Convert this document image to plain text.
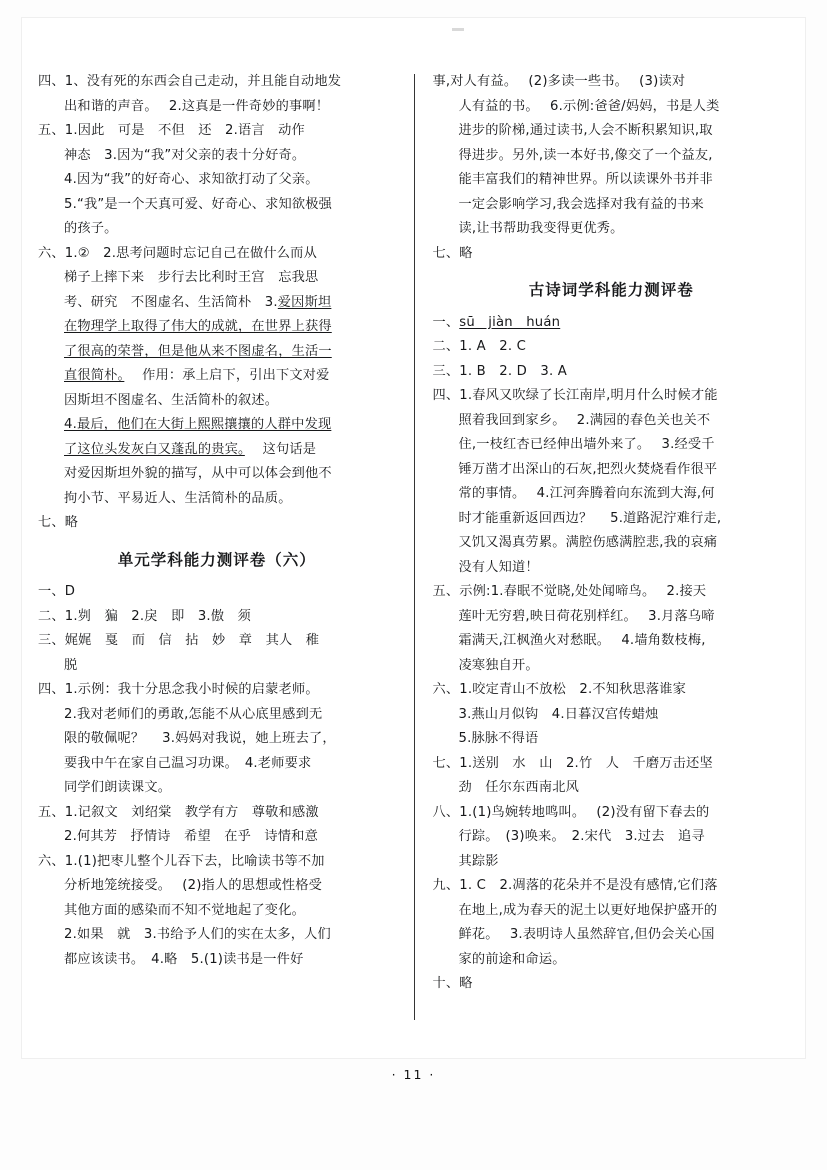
四、1、没有死的东西会自己走动，并且能自动地发
出和谐的声音。　 2.这真是一件奇妙的事啊！
五、1.因此　可是　不但　还　2.语言　动作
神态　3.因为“我”对父亲的表十分好奇。
4.因为“我”的好奇心、求知欲打动了父亲。
5.“我”是一个天真可爱、好奇心、求知欲极强
的孩子。
六、1.②　2.思考问题时忘记自己在做什么而从
梯子上摔下来　步行去比利时王宫　忘我思
考、研究　不图虚名、生活简朴　3.爱因斯坦
在物理学上取得了伟大的成就，在世界上获得
了很高的荣誉，但是他从来不图虚名，生活一
直很简朴。　 作用：承上启下，引出下文对爱
因斯坦不图虚名、生活简朴的叙述。
4.最后，他们在大街上熙熙攘攘的人群中发现
了这位头发灰白又蓬乱的贵宾。　 这句话是
对爱因斯坦外貌的描写，从中可以体会到他不
拘小节、平易近人、生活简朴的品质。
七、略
单元学科能力测评卷（六）
一、D
二、1.刿　猵　2.戾　即　3.傲　须
三、娓娓　戛　而　信　拈　妙　章　其人　稚
脱
四、1.示例：我十分思念我小时候的启蒙老师。
2.我对老师们的勇敢,怎能不从心底里感到无
限的敬佩呢？　 3.妈妈对我说，她上班去了，
要我中午在家自己温习功课。　4.老师要求
同学们朗读课文。
五、1.记叙文　刘绍棠　教学有方　尊敬和感激
2.何其芳　抒情诗　希望　在乎　诗情和意
六、1.(1)把枣儿整个儿吞下去，比喻读书等不加
分析地笼统接受。　 (2)指人的思想或性格受
其他方面的感染而不知不觉地起了变化。
2.如果　就　3.书给予人们的实在太多，人们
都应该读书。　4.略　5.(1)读书是一件好
事,对人有益。　 (2)多读一些书。　 (3)读对
人有益的书。　 6.示例:爸爸/妈妈，书是人类
进步的阶梯,通过读书,人会不断积累知识,取
得进步。另外,读一本好书,像交了一个益友,
能丰富我们的精神世界。所以读课外书并非
一定会影响学习,我会选择对我有益的书来
读,让书帮助我变得更优秀。
七、略
古诗词学科能力测评卷
一、sū　jiàn　huán
二、1. A　2. C
三、1. B　2. D　3. A
四、1.春风又吹绿了长江南岸,明月什么时候才能
照着我回到家乡。　 2.满园的春色关也关不
住,一枝红杏已经伸出墙外来了。　 3.经受千
锤万凿才出深山的石灰,把烈火焚烧看作很平
常的事情。　 4.江河奔腾着向东流到大海,何
时才能重新返回西边？　 5.道路泥泞难行走,
又饥又渴真劳累。满腔伤感满腔悲,我的哀痛
没有人知道！
五、示例:1.春眠不觉晓,处处闻啼鸟。　 2.接天
莲叶无穷碧,映日荷花别样红。　 3.月落乌啼
霜满天,江枫渔火对愁眠。　 4.墙角数枝梅,
凌寒独自开。
六、1.咬定青山不放松　2.不知秋思落谁家
3.燕山月似钩　4.日暮汉宫传蜡烛
5.脉脉不得语
七、1.送别　水　山　2.竹　人　千磨万击还坚
劲　任尔东西南北风
八、1.(1)鸟婉转地鸣叫。　 (2)没有留下春去的
行踪。　(3)唤来。　2.宋代　3.过去　追寻
其踪影
九、1. C　2.凋落的花朵并不是没有感情,它们落
在地上,成为春天的泥土以更好地保护盛开的
鲜花。　 3.表明诗人虽然辞官,但仍会关心国
家的前途和命运。
十、略
· 11 ·
